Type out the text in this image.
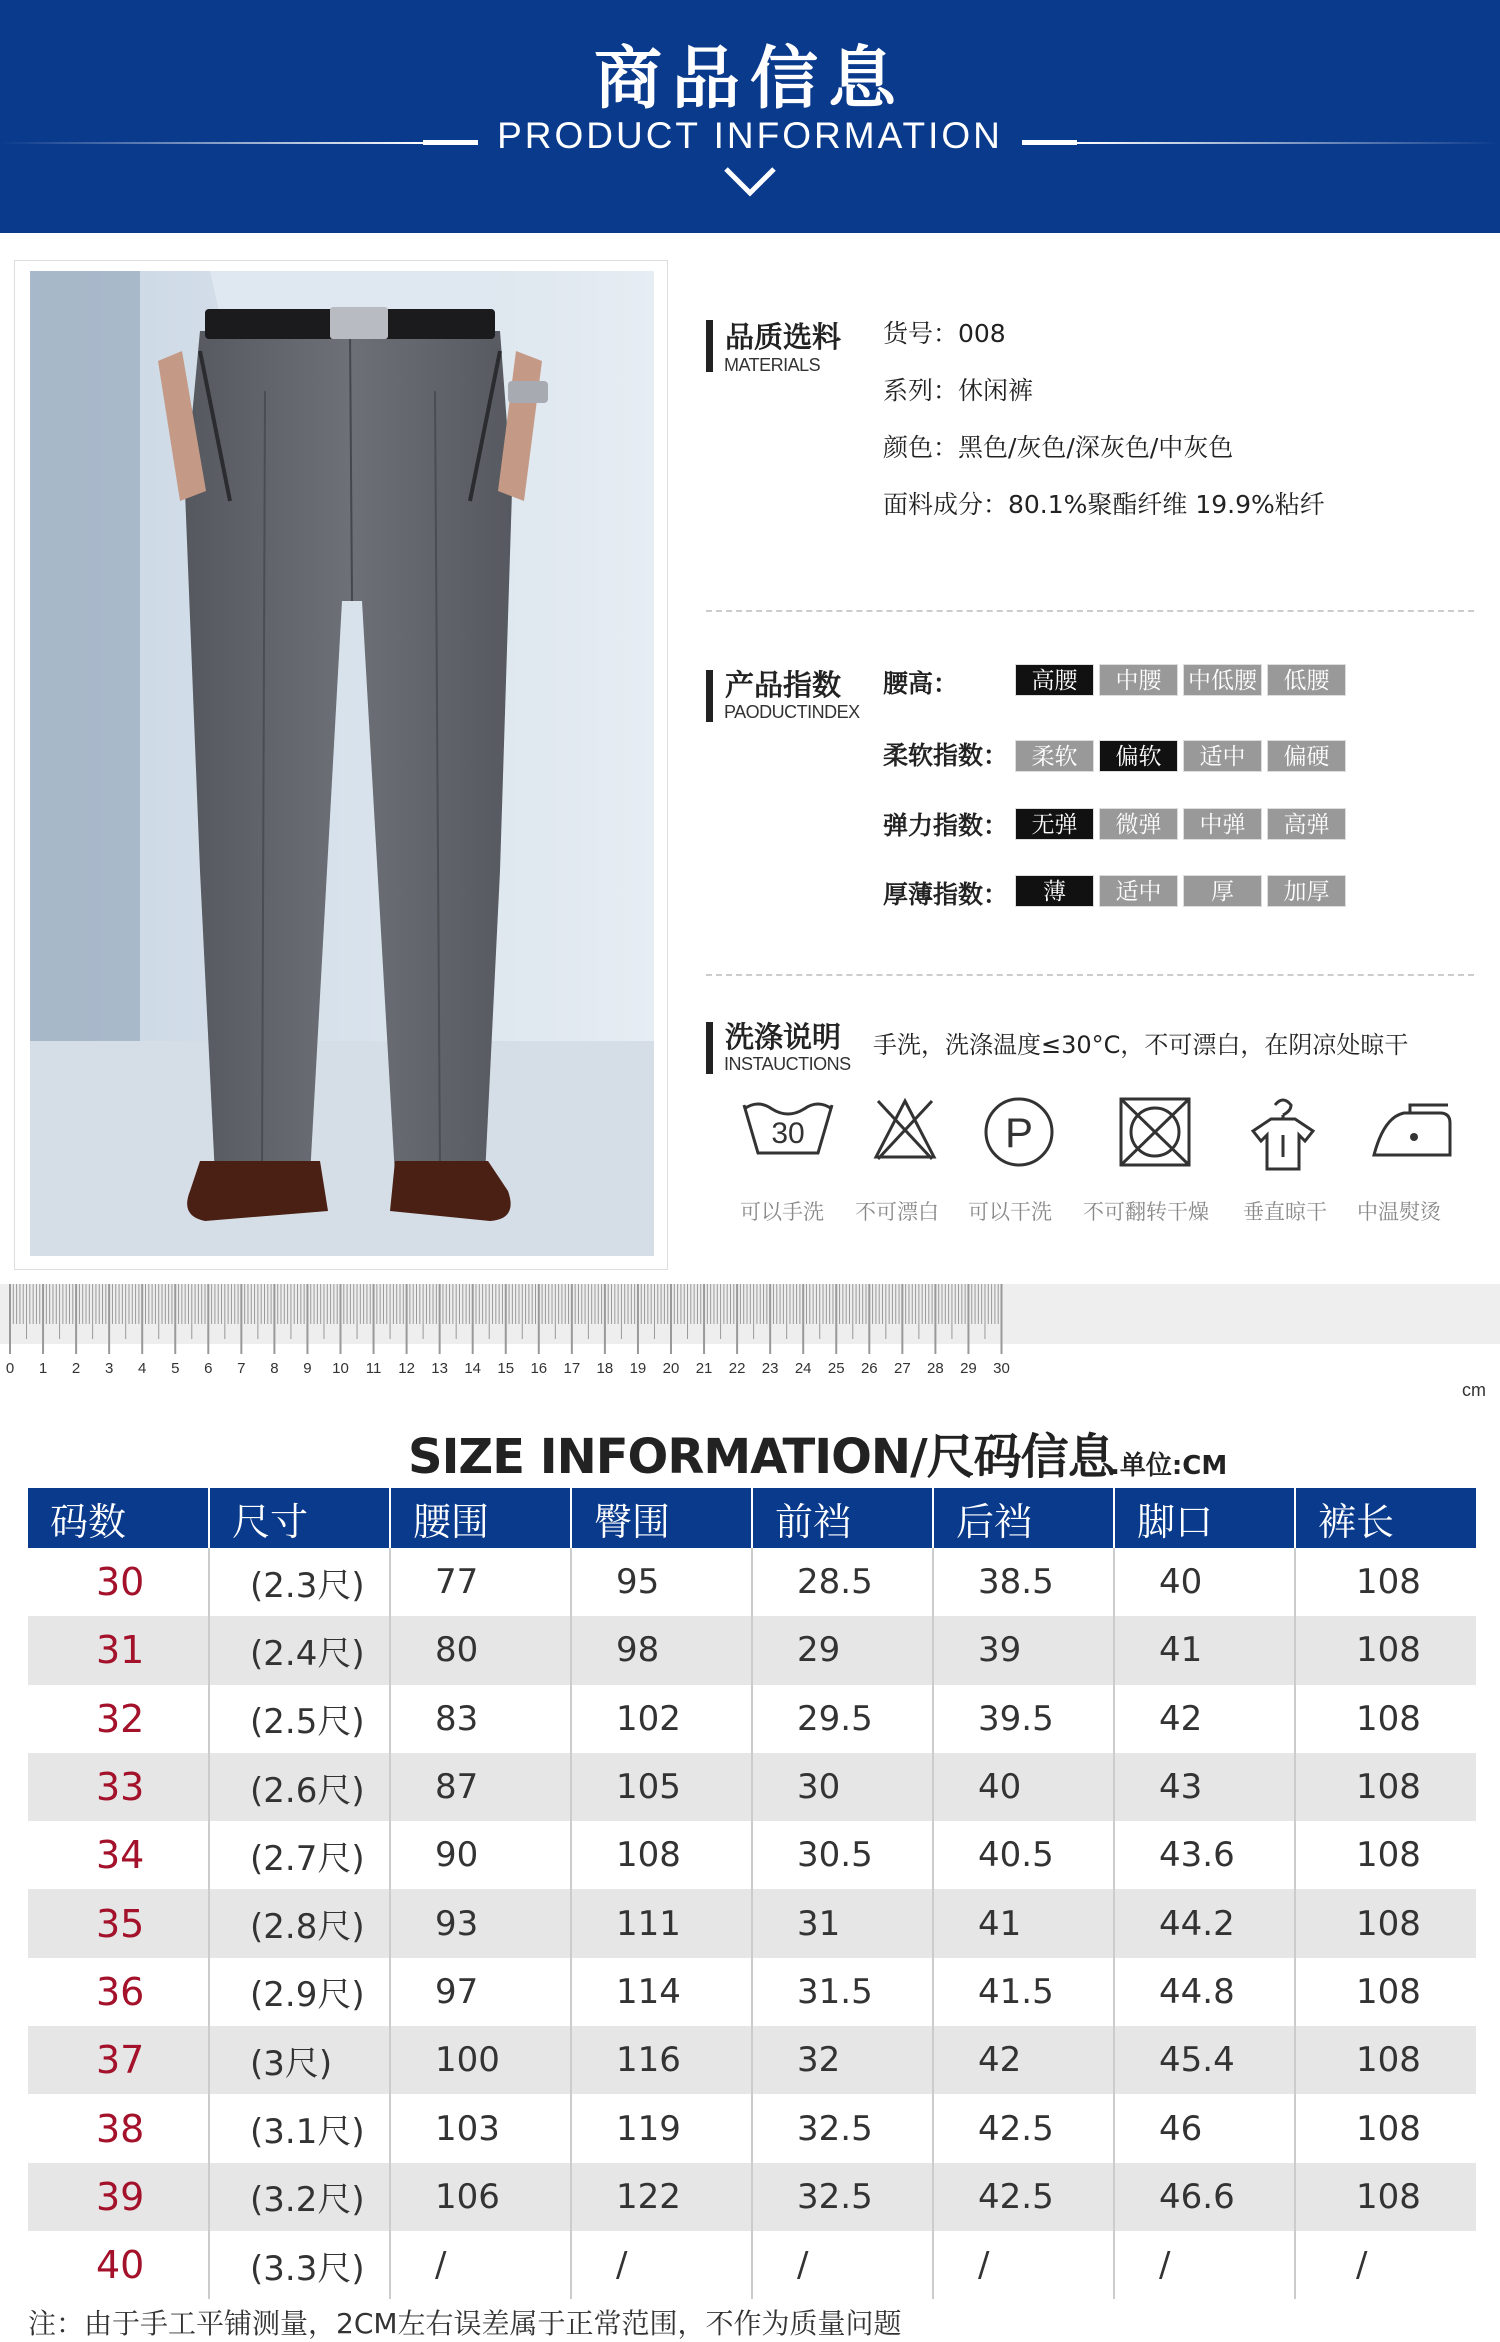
商品信息
PRODUCT INFORMATION
品质选料
MATERIALS
货号：008
系列：休闲裤
颜色：黑色/灰色/深灰色/中灰色
面料成分：80.1%聚酯纤维 19.9%粘纤
产品指数
PAODUCTINDEX
腰高：	高腰	中腰	中低腰	低腰
柔软指数：	柔软	偏软	适中	偏硬
弹力指数：	无弹	微弹	中弹	高弹
厚薄指数：	薄	适中	厚	加厚
洗涤说明
INSTAUCTIONS
手洗，洗涤温度≤30°C，不可漂白，在阴凉处晾干
30	P
可以手洗 不可漂白 可以干洗 不可翻转干燥 垂直晾干 中温熨烫
0 1 2 3 4 5 6 7 8 9 10 11 12 13 14 15 16 17 18 19 20 21 22 23 24 25 26 27 28 29 30
cm
SIZE INFORMATION/尺码信息
.单位:CM
码数	尺寸	腰围	臀围	前裆	后裆	脚口	裤长
30	(2.3尺)	77	95	28.5	38.5	40	108
31	(2.4尺)	80	98	29	39	41	108
32	(2.5尺)	83	102	29.5	39.5	42	108
33	(2.6尺)	87	105	30	40	43	108
34	(2.7尺)	90	108	30.5	40.5	43.6	108
35	(2.8尺)	93	111	31	41	44.2	108
36	(2.9尺)	97	114	31.5	41.5	44.8	108
37	(3尺)	100	116	32	42	45.4	108
38	(3.1尺)	103	119	32.5	42.5	46	108
39	(3.2尺)	106	122	32.5	42.5	46.6	108
40	(3.3尺)	/	/	/	/	/	/
注：由于手工平铺测量，2CM左右误差属于正常范围，不作为质量问题
